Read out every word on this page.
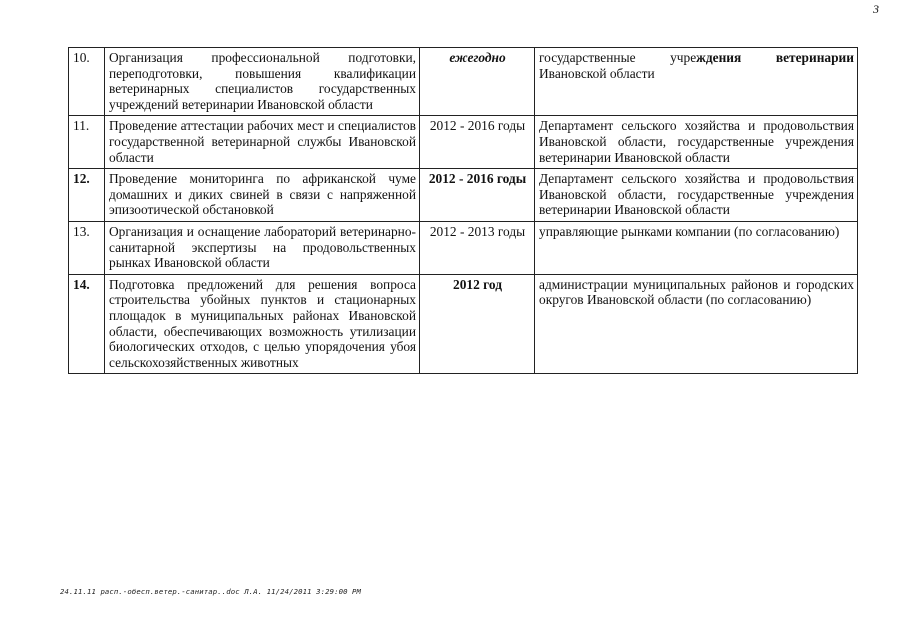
3
10.	Организация профессиональной подготовки, переподготовки, повышения квалификации ветеринарных специалистов государственных учреждений ветеринарии Ивановской области	ежегодно	государственные учреждения ветеринарии Ивановской области
11.	Проведение аттестации рабочих мест и специалистов государственной ветеринарной службы Ивановской области	2012 - 2016 годы	Департамент сельского хозяйства и продовольствия Ивановской области, государственные учреждения ветеринарии Ивановской области
12.	Проведение мониторинга по африканской чуме домашних и диких свиней в связи с напряженной эпизоотической обстановкой	2012 - 2016 годы	Департамент сельского хозяйства и продовольствия Ивановской области, государственные учреждения ветеринарии Ивановской области
13.	Организация и оснащение лабораторий ветеринарно-санитарной экспертизы на продовольственных рынках Ивановской области	2012 - 2013 годы	управляющие рынками компании (по согласованию)
14.	Подготовка предложений для решения вопроса строительства убойных пунктов и стационарных площадок в муниципальных районах Ивановской области, обеспечивающих возможность утилизации биологических отходов, с целью упорядочения убоя сельскохозяйственных животных	2012 год	администрации муниципальных районов и городских округов Ивановской области (по согласованию)
24.11.11 расп.-обесп.ветер.-санитар..doc Л.А. 11/24/2011 3:29:00 PM
